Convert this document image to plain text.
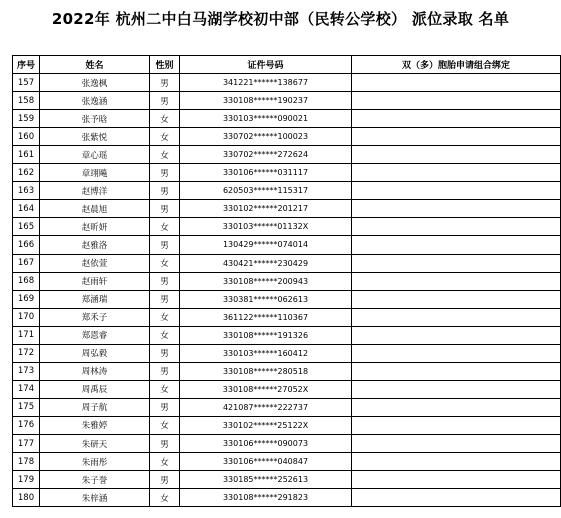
2022年 杭州二中白马湖学校初中部（民转公学校） 派位录取 名单
序号	姓名	性别	证件号码	双（多）胞胎申请组合绑定
157	张逸枫	男	341221******138677	
158	张逸涵	男	330108******190237	
159	张予晗	女	330103******090021	
160	张紫悦	女	330702******100023	
161	章心瑶	女	330702******272624	
162	章翊飚	男	330106******031117	
163	赵博洋	男	620503******115317	
164	赵晨旭	男	330102******201217	
165	赵昕妍	女	330103******01132X	
166	赵雅洛	男	130429******074014	
167	赵依萱	女	430421******230429	
168	赵雨轩	男	330108******200943	
169	郑涵瑞	男	330381******062613	
170	郑禾子	女	361122******110367	
171	郑恩睿	女	330108******191326	
172	周弘毅	男	330103******160412	
173	周林涛	男	330108******280518	
174	周禹辰	女	330108******27052X	
175	周子航	男	421087******222737	
176	朱雅婷	女	330102******25122X	
177	朱研天	男	330106******090073	
178	朱雨彤	女	330106******040847	
179	朱子誉	男	330185******252613	
180	朱梓涵	女	330108******291823	
